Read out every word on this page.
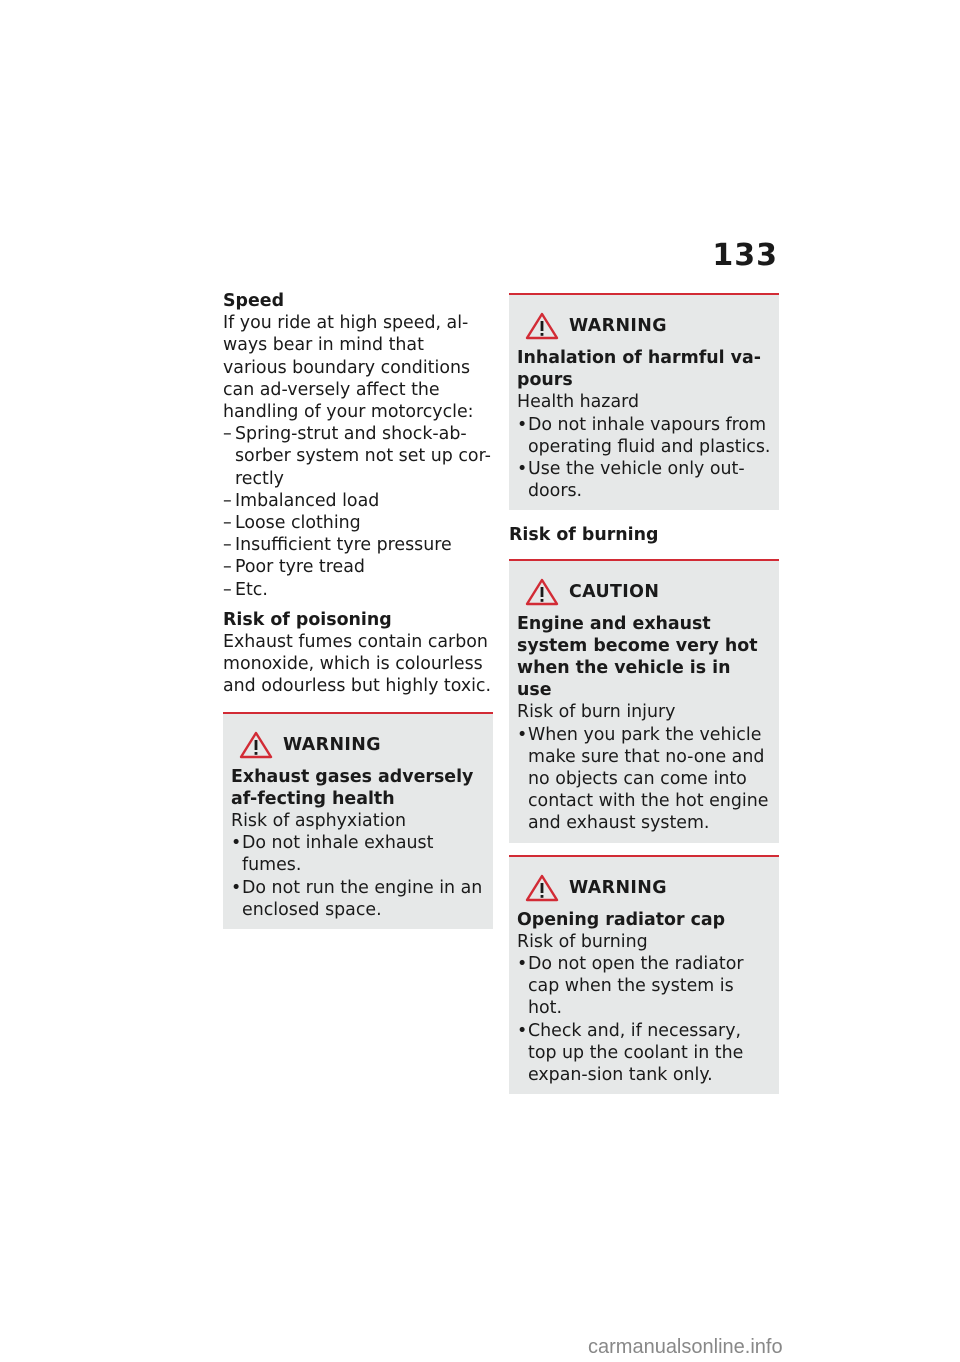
133
Speed

If you ride at high speed, al-ways bear in mind that various boundary conditions can ad-versely affect the handling of your motorcycle:

– Spring-strut and shock-ab-sorber system not set up cor-rectly
– Imbalanced load
– Loose clothing
– Insufficient tyre pressure
– Poor tyre tread
– Etc.
Risk of poisoning

Exhaust fumes contain carbon monoxide, which is colourless and odourless but highly toxic.

WARNING
Exhaust gases adversely af-fecting health
Risk of asphyxiation
• Do not inhale exhaust fumes.
• Do not run the engine in an enclosed space.
WARNING
Inhalation of harmful va-pours
Health hazard
• Do not inhale vapours from operating fluid and plastics.
• Use the vehicle only out-doors.
Risk of burning
CAUTION
Engine and exhaust system become very hot when the vehicle is in use
Risk of burn injury
• When you park the vehicle make sure that no-one and no objects can come into contact with the hot engine and exhaust system.
WARNING
Opening radiator cap
Risk of burning
• Do not open the radiator cap when the system is hot.
• Check and, if necessary, top up the coolant in the expan-sion tank only.
carmanualsonline.info
